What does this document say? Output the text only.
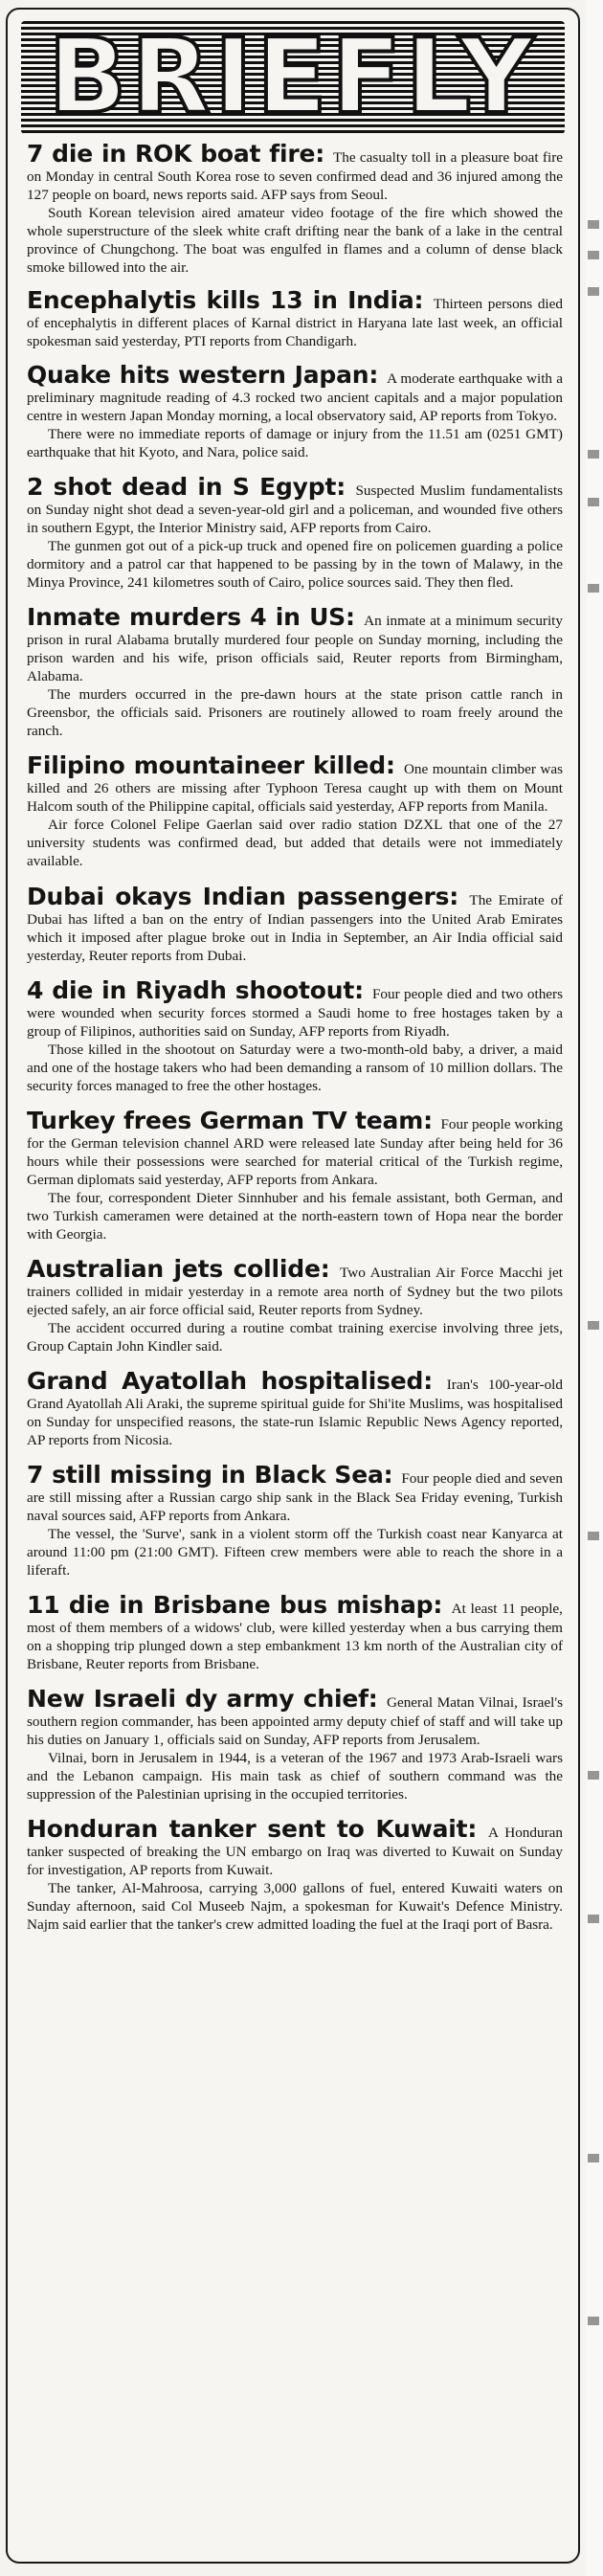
BRIEFLY

7 die in ROK boat fire: The casualty toll in a pleasure boat fire on Monday in central South Korea rose to seven confirmed dead and 36 injured among the 127 people on board, news reports said. AFP says from Seoul.

South Korean television aired amateur video footage of the fire which showed the whole superstructure of the sleek white craft drifting near the bank of a lake in the central province of Chungchong. The boat was engulfed in flames and a column of dense black smoke billowed into the air.

Encephalytis kills 13 in India: Thirteen persons died of encephalytis in different places of Karnal district in Haryana late last week, an official spokesman said yesterday, PTI reports from Chandigarh.

Quake hits western Japan: A moderate earthquake with a preliminary magnitude reading of 4.3 rocked two ancient capitals and a major population centre in western Japan Monday morning, a local observatory said, AP reports from Tokyo.

There were no immediate reports of damage or injury from the 11.51 am (0251 GMT) earthquake that hit Kyoto, and Nara, police said.

2 shot dead in S Egypt: Suspected Muslim fundamentalists on Sunday night shot dead a seven-year-old girl and a policeman, and wounded five others in southern Egypt, the Interior Ministry said, AFP reports from Cairo.

The gunmen got out of a pick-up truck and opened fire on policemen guarding a police dormitory and a patrol car that happened to be passing by in the town of Malawy, in the Minya Province, 241 kilometres south of Cairo, police sources said. They then fled.

Inmate murders 4 in US: An inmate at a minimum security prison in rural Alabama brutally murdered four people on Sunday morning, including the prison warden and his wife, prison officials said, Reuter reports from Birmingham, Alabama.

The murders occurred in the pre-dawn hours at the state prison cattle ranch in Greensbor, the officials said. Prisoners are routinely allowed to roam freely around the ranch.

Filipino mountaineer killed: One mountain climber was killed and 26 others are missing after Typhoon Teresa caught up with them on Mount Halcom south of the Philippine capital, officials said yesterday, AFP reports from Manila.

Air force Colonel Felipe Gaerlan said over radio station DZXL that one of the 27 university students was confirmed dead, but added that details were not immediately available.

Dubai okays Indian passengers: The Emirate of Dubai has lifted a ban on the entry of Indian passengers into the United Arab Emirates which it imposed after plague broke out in India in September, an Air India official said yesterday, Reuter reports from Dubai.

4 die in Riyadh shootout: Four people died and two others were wounded when security forces stormed a Saudi home to free hostages taken by a group of Filipinos, authorities said on Sunday, AFP reports from Riyadh.

Those killed in the shootout on Saturday were a two-month-old baby, a driver, a maid and one of the hostage takers who had been demanding a ransom of 10 million dollars. The security forces managed to free the other hostages.

Turkey frees German TV team: Four people working for the German television channel ARD were released late Sunday after being held for 36 hours while their possessions were searched for material critical of the Turkish regime, German diplomats said yesterday, AFP reports from Ankara.

The four, correspondent Dieter Sinnhuber and his female assistant, both German, and two Turkish cameramen were detained at the north-eastern town of Hopa near the border with Georgia.

Australian jets collide: Two Australian Air Force Macchi jet trainers collided in midair yesterday in a remote area north of Sydney but the two pilots ejected safely, an air force official said, Reuter reports from Sydney.

The accident occurred during a routine combat training exercise involving three jets, Group Captain John Kindler said.

Grand Ayatollah hospitalised: Iran's 100-year-old Grand Ayatollah Ali Araki, the supreme spiritual guide for Shi'ite Muslims, was hospitalised on Sunday for unspecified reasons, the state-run Islamic Republic News Agency reported, AP reports from Nicosia.

7 still missing in Black Sea: Four people died and seven are still missing after a Russian cargo ship sank in the Black Sea Friday evening, Turkish naval sources said, AFP reports from Ankara.

The vessel, the 'Surve', sank in a violent storm off the Turkish coast near Kanyarca at around 11:00 pm (21:00 GMT). Fifteen crew members were able to reach the shore in a liferaft.

11 die in Brisbane bus mishap: At least 11 people, most of them members of a widows' club, were killed yesterday when a bus carrying them on a shopping trip plunged down a step embankment 13 km north of the Australian city of Brisbane, Reuter reports from Brisbane.

New Israeli dy army chief: General Matan Vilnai, Israel's southern region commander, has been appointed army deputy chief of staff and will take up his duties on January 1, officials said on Sunday, AFP reports from Jerusalem.

Vilnai, born in Jerusalem in 1944, is a veteran of the 1967 and 1973 Arab-Israeli wars and the Lebanon campaign. His main task as chief of southern command was the suppression of the Palestinian uprising in the occupied territories.

Honduran tanker sent to Kuwait: A Honduran tanker suspected of breaking the UN embargo on Iraq was diverted to Kuwait on Sunday for investigation, AP reports from Kuwait.

The tanker, Al-Mahroosa, carrying 3,000 gallons of fuel, entered Kuwaiti waters on Sunday afternoon, said Col Museeb Najm, a spokesman for Kuwait's Defence Ministry. Najm said earlier that the tanker's crew admitted loading the fuel at the Iraqi port of Basra.
